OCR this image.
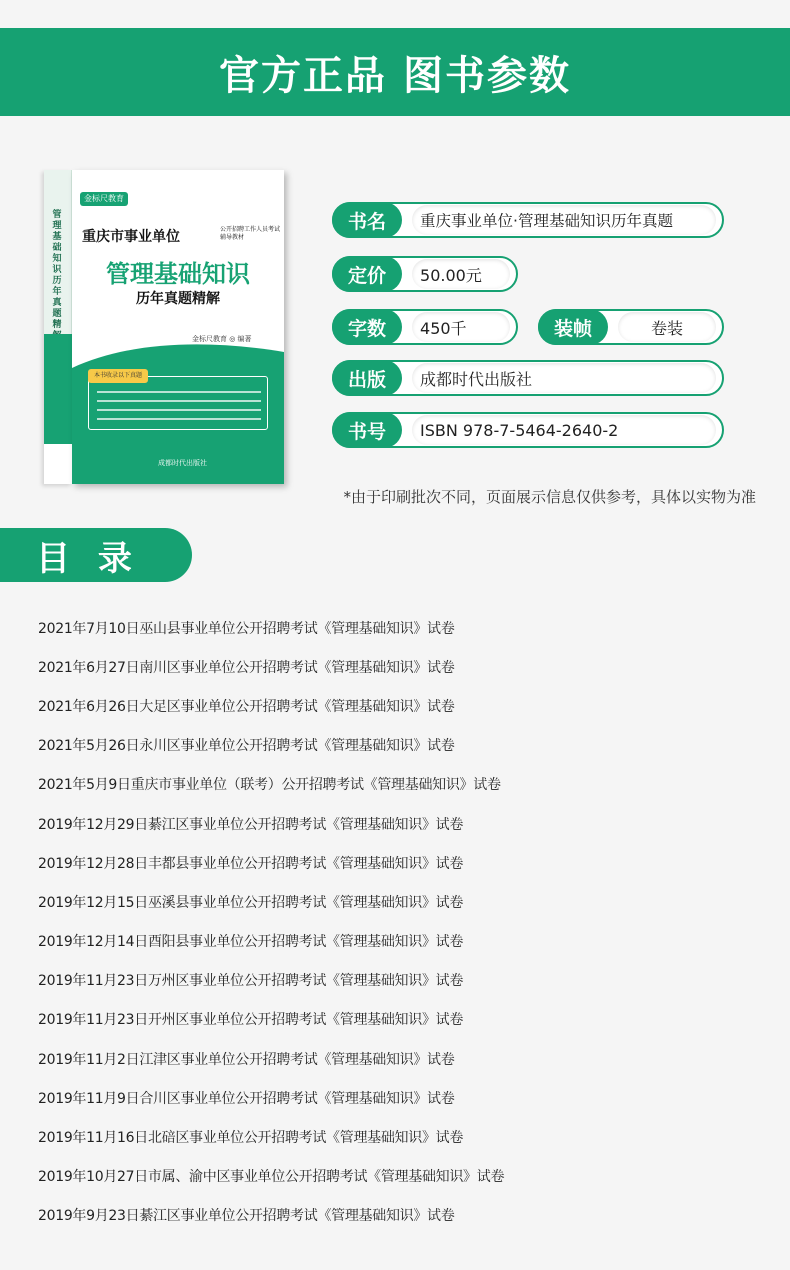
官方正品 图书参数
管理基础知识 历年真题精
金标尺教育
重庆市事业单位	公开招聘工作人员考试辅导教材
管理基础知识
历年真题精解
金标尺教育 ◎ 编著
本书收录以下真题
成都时代出版社
书名	重庆事业单位·管理基础知识历年真题
定价	50.00元
字数	450千	装帧	卷装
出版	成都时代出版社
书号	ISBN 978-7-5464-2640-2
*由于印刷批次不同，页面展示信息仅供参考，具体以实物为准
目 录
2021年7月10日巫山县事业单位公开招聘考试《管理基础知识》试卷
2021年6月27日南川区事业单位公开招聘考试《管理基础知识》试卷
2021年6月26日大足区事业单位公开招聘考试《管理基础知识》试卷
2021年5月26日永川区事业单位公开招聘考试《管理基础知识》试卷
2021年5月9日重庆市事业单位（联考）公开招聘考试《管理基础知识》试卷
2019年12月29日綦江区事业单位公开招聘考试《管理基础知识》试卷
2019年12月28日丰都县事业单位公开招聘考试《管理基础知识》试卷
2019年12月15日巫溪县事业单位公开招聘考试《管理基础知识》试卷
2019年12月14日酉阳县事业单位公开招聘考试《管理基础知识》试卷
2019年11月23日万州区事业单位公开招聘考试《管理基础知识》试卷
2019年11月23日开州区事业单位公开招聘考试《管理基础知识》试卷
2019年11月2日江津区事业单位公开招聘考试《管理基础知识》试卷
2019年11月9日合川区事业单位公开招聘考试《管理基础知识》试卷
2019年11月16日北碚区事业单位公开招聘考试《管理基础知识》试卷
2019年10月27日市属、渝中区事业单位公开招聘考试《管理基础知识》试卷
2019年9月23日綦江区事业单位公开招聘考试《管理基础知识》试卷
